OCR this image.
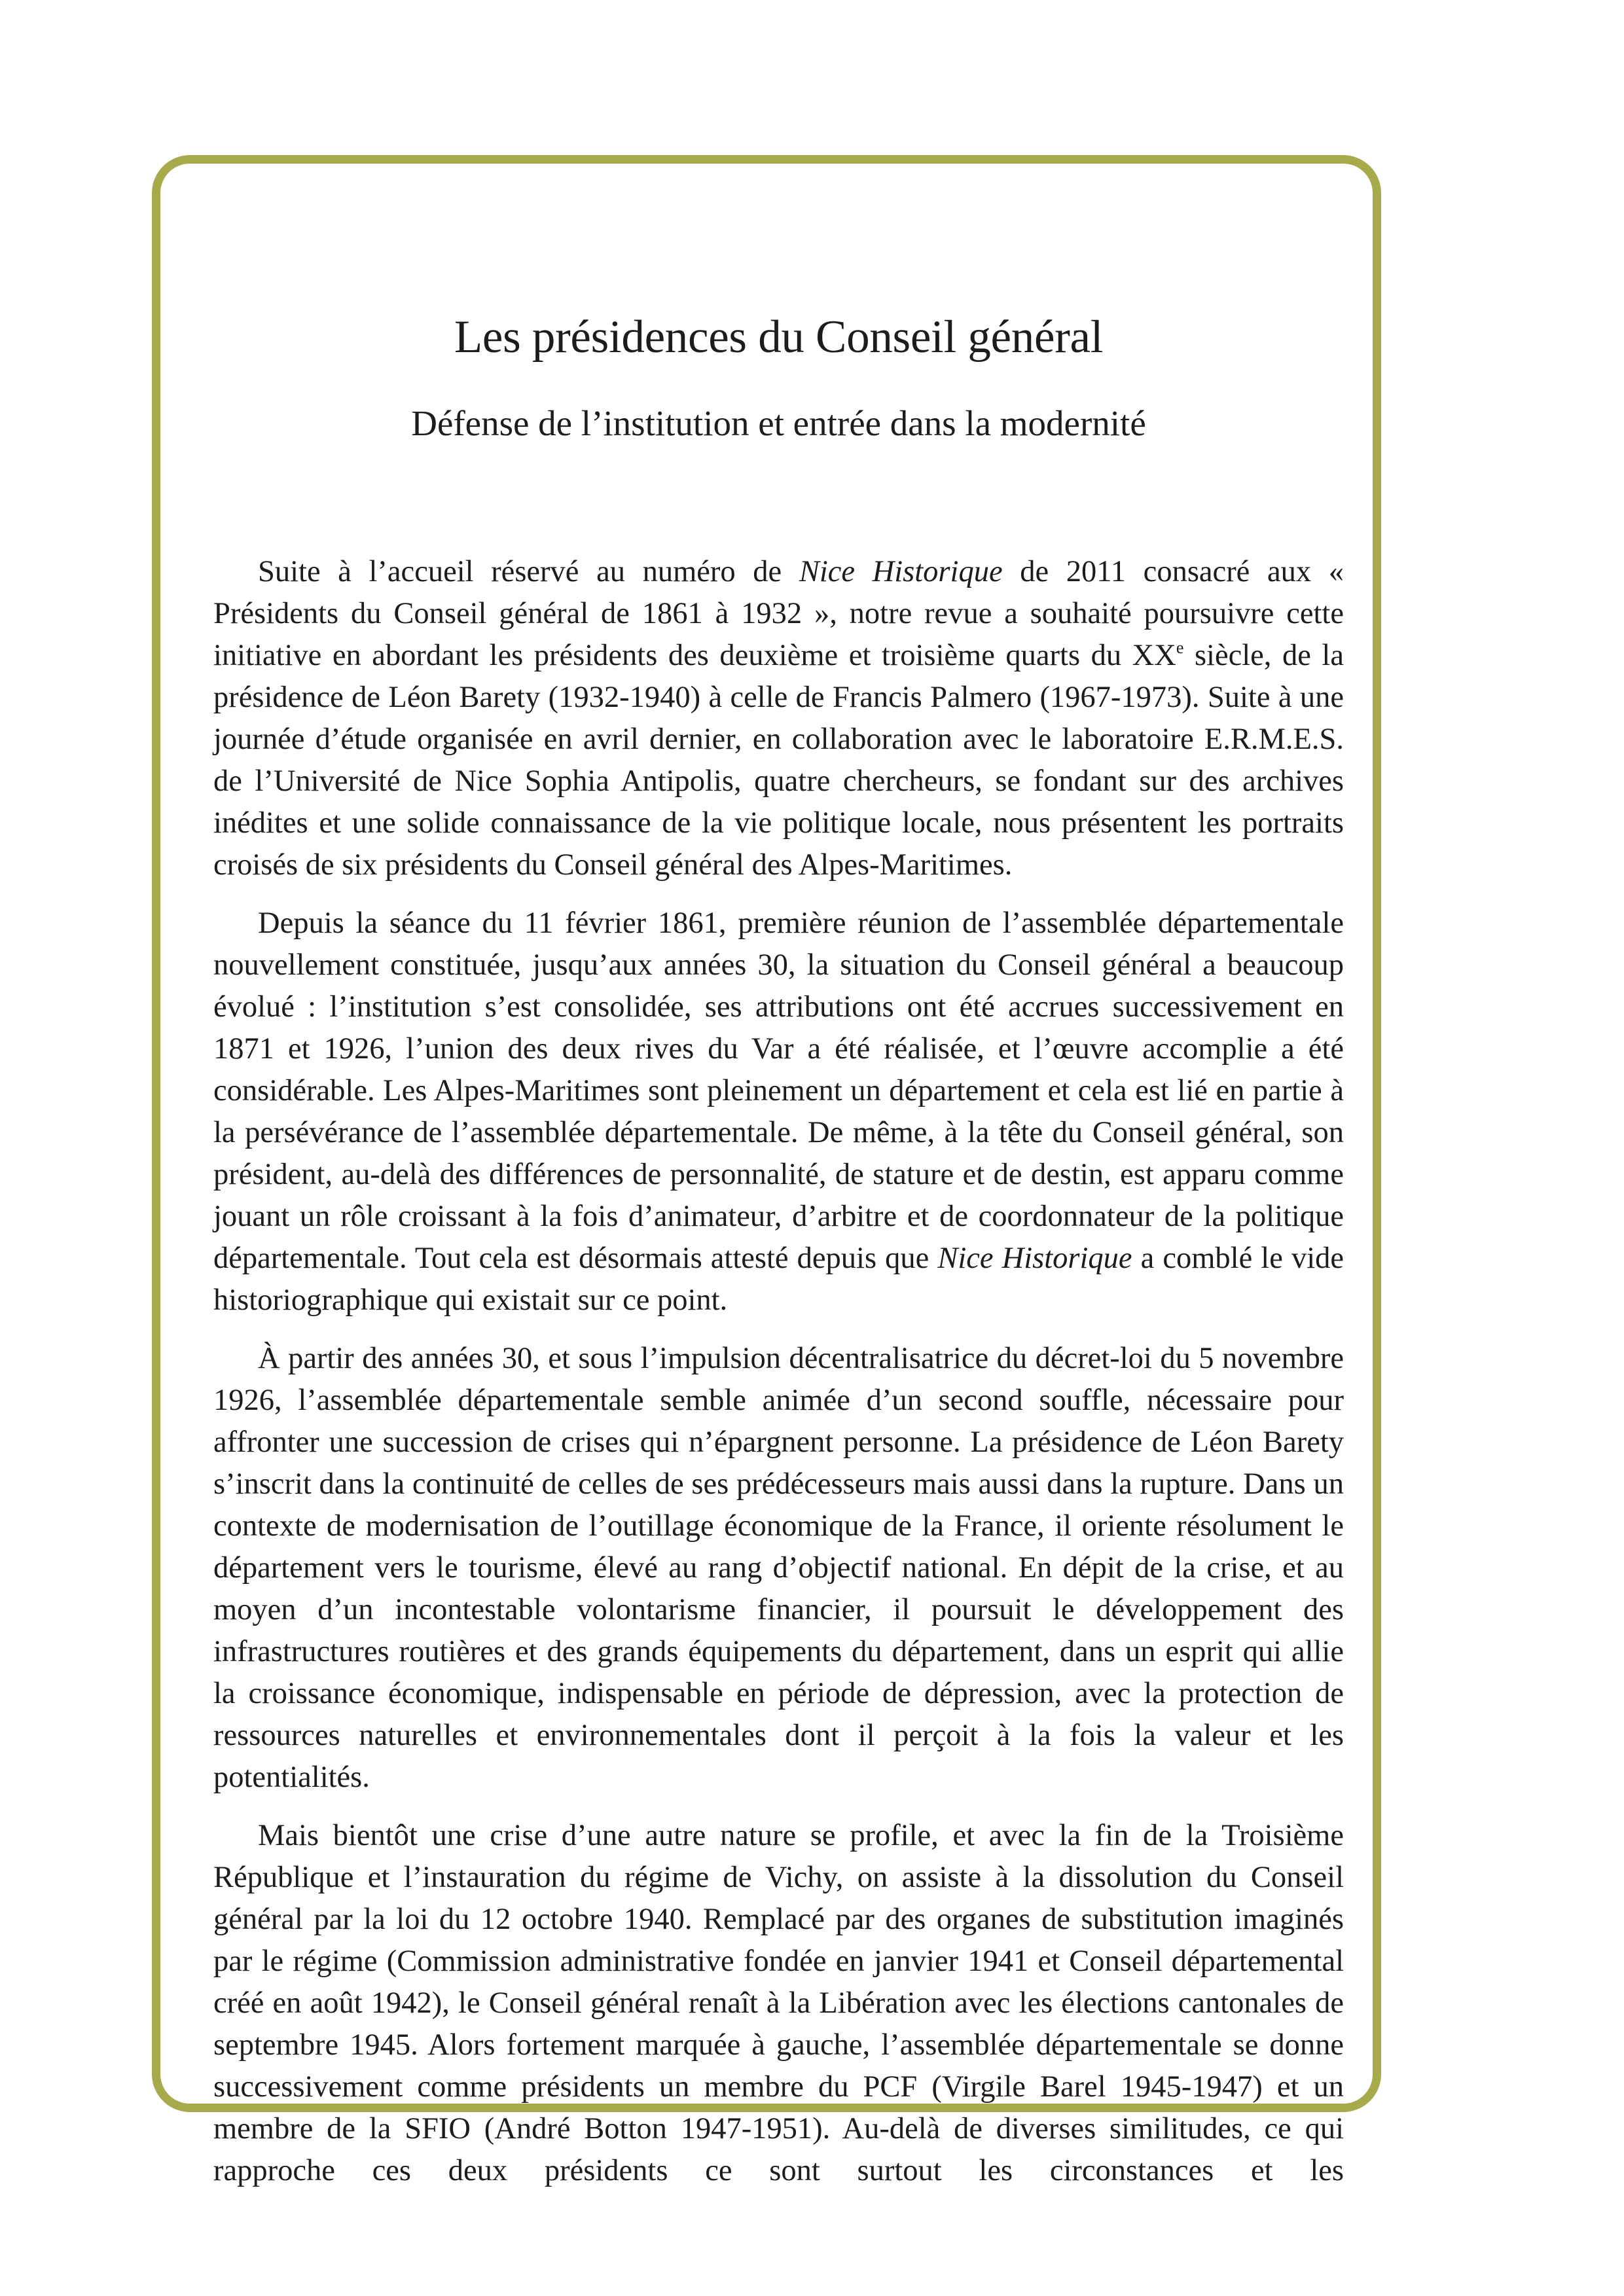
Les présidences du Conseil général
Défense de l’institution et entrée dans la modernité

Suite à l’accueil réservé au numéro de Nice Historique de 2011 consacré aux « Présidents du Conseil général de 1861 à 1932 », notre revue a souhaité poursuivre cette initiative en abordant les présidents des deuxième et troisième quarts du XXe siècle, de la présidence de Léon Barety (1932-1940) à celle de Francis Palmero (1967-1973). Suite à une journée d’étude organisée en avril dernier, en collaboration avec le laboratoire E.R.M.E.S. de l’Université de Nice Sophia Antipolis, quatre chercheurs, se fondant sur des archives inédites et une solide connaissance de la vie politique locale, nous présentent les portraits croisés de six présidents du Conseil général des Alpes-Maritimes.

Depuis la séance du 11 février 1861, première réunion de l’assemblée départementale nouvellement constituée, jusqu’aux années 30, la situation du Conseil général a beaucoup évolué : l’institution s’est consolidée, ses attributions ont été accrues successivement en 1871 et 1926, l’union des deux rives du Var a été réalisée, et l’œuvre accomplie a été considérable. Les Alpes-Maritimes sont pleinement un département et cela est lié en partie à la persévérance de l’assemblée départementale. De même, à la tête du Conseil général, son président, au-delà des différences de personnalité, de stature et de destin, est apparu comme jouant un rôle croissant à la fois d’animateur, d’arbitre et de coordonnateur de la politique départementale. Tout cela est désormais attesté depuis que Nice Historique a comblé le vide historiographique qui existait sur ce point.

À partir des années 30, et sous l’impulsion décentralisatrice du décret-loi du 5 novembre 1926, l’assemblée départementale semble animée d’un second souffle, nécessaire pour affronter une succession de crises qui n’épargnent personne. La présidence de Léon Barety s’inscrit dans la continuité de celles de ses prédécesseurs mais aussi dans la rupture. Dans un contexte de modernisation de l’outillage économique de la France, il oriente résolument le département vers le tourisme, élevé au rang d’objectif national. En dépit de la crise, et au moyen d’un incontestable volontarisme financier, il poursuit le développement des infrastructures routières et des grands équipements du département, dans un esprit qui allie la croissance économique, indispensable en période de dépression, avec la protection de ressources naturelles et environnementales dont il perçoit à la fois la valeur et les potentialités.

Mais bientôt une crise d’une autre nature se profile, et avec la fin de la Troisième République et l’instauration du régime de Vichy, on assiste à la dissolution du Conseil général par la loi du 12 octobre 1940. Remplacé par des organes de substitution imaginés par le régime (Commission administrative fondée en janvier 1941 et Conseil départemental créé en août 1942), le Conseil général renaît à la Libération avec les élections cantonales de septembre 1945. Alors fortement marquée à gauche, l’assemblée départementale se donne successivement comme présidents un membre du PCF (Virgile Barel 1945-1947) et un membre de la SFIO (André Botton 1947-1951). Au-delà de diverses similitudes, ce qui rapproche ces deux présidents ce sont surtout les circonstances et les
